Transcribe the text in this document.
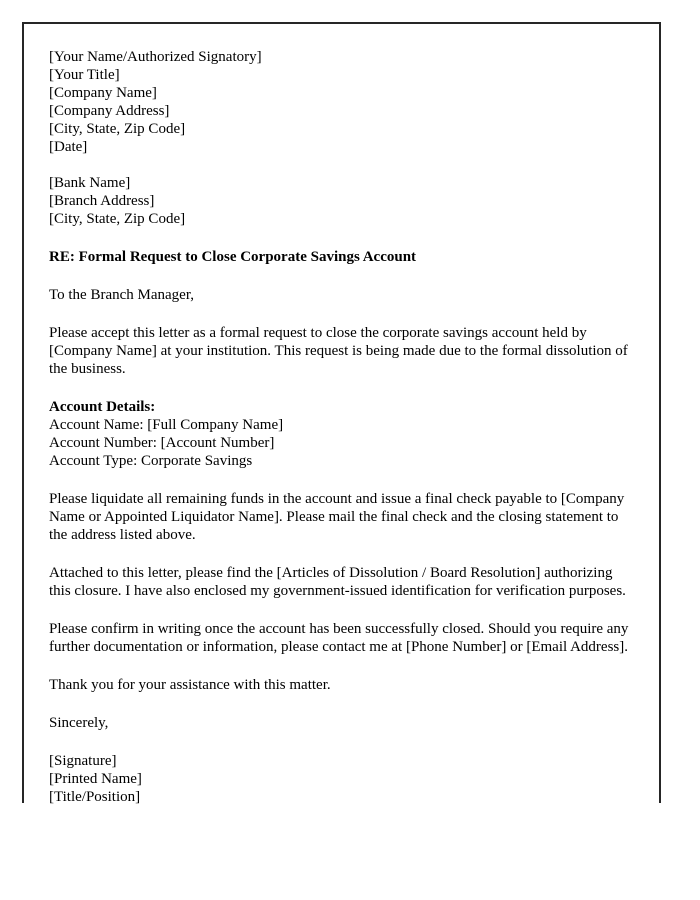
[Your Name/Authorized Signatory]
[Your Title]
[Company Name]
[Company Address]
[City, State, Zip Code]
[Date]
[Bank Name]
[Branch Address]
[City, State, Zip Code]

RE: Formal Request to Close Corporate Savings Account

To the Branch Manager,

Please accept this letter as a formal request to close the corporate savings account held by [Company Name] at your institution. This request is being made due to the formal dissolution of the business.

Account Details:
Account Name: [Full Company Name]
Account Number: [Account Number]
Account Type: Corporate Savings

Please liquidate all remaining funds in the account and issue a final check payable to [Company Name or Appointed Liquidator Name]. Please mail the final check and the closing statement to the address listed above.

Attached to this letter, please find the [Articles of Dissolution / Board Resolution] authorizing this closure. I have also enclosed my government-issued identification for verification purposes.

Please confirm in writing once the account has been successfully closed. Should you require any further documentation or information, please contact me at [Phone Number] or [Email Address].

Thank you for your assistance with this matter.

Sincerely,

[Signature]
[Printed Name]
[Title/Position]
